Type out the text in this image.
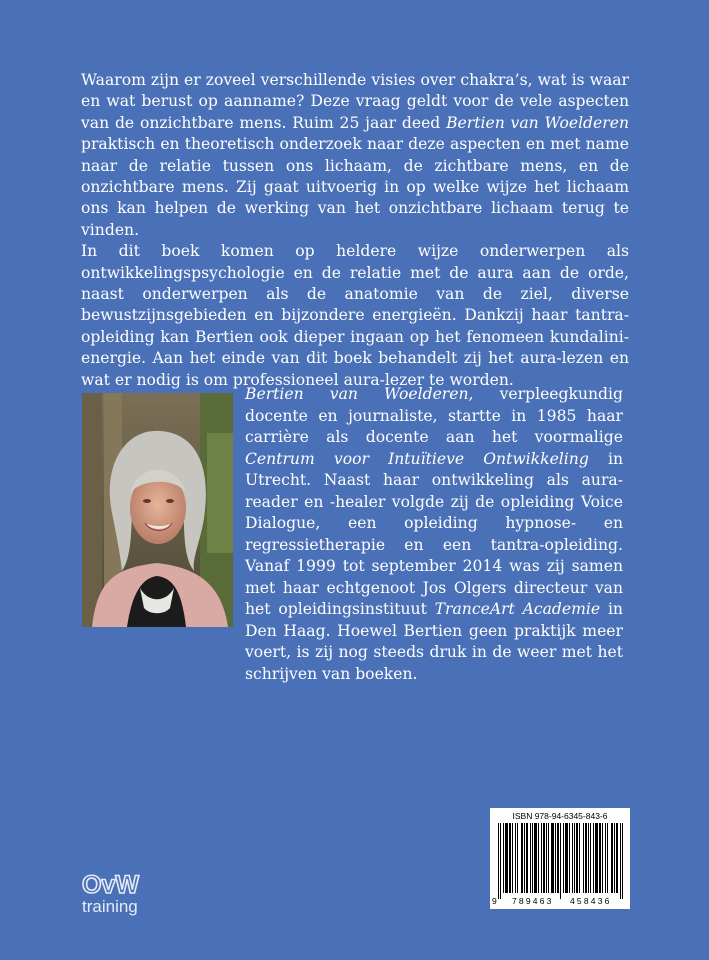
Waarom zijn er zoveel verschillende visies over chakra’s, wat is waar en wat berust op aanname? Deze vraag geldt voor de vele aspecten van de onzichtbare mens. Ruim 25 jaar deed Bertien van Woelderen praktisch en theoretisch onderzoek naar deze aspecten en met name naar de relatie tussen ons lichaam, de zichtbare mens, en de onzichtbare mens. Zij gaat uitvoerig in op welke wijze het lichaam ons kan helpen de werking van het onzichtbare lichaam terug te vinden.

In dit boek komen op heldere wijze onderwerpen als ontwikkelingspsychologie en de relatie met de aura aan de orde, naast onderwerpen als de anatomie van de ziel, diverse bewustzijnsgebieden en bijzondere energieën. Dankzij haar tantra-opleiding kan Bertien ook dieper ingaan op het fenomeen kundalini-energie. Aan het einde van dit boek behandelt zij het aura-lezen en wat er nodig is om professioneel aura-lezer te worden.

Bertien van Woelderen, verpleegkundig docente en journaliste, startte in 1985 haar carrière als docente aan het voormalige Centrum voor Intuïtieve Ontwikkeling in Utrecht. Naast haar ontwikkeling als aura-reader en -healer volgde zij de opleiding Voice Dialogue, een opleiding hypnose- en regressietherapie en een tantra-opleiding. Vanaf 1999 tot september 2014 was zij samen met haar echtgenoot Jos Olgers directeur van het opleidingsinstituut TranceArt Academie in Den Haag. Hoewel Bertien geen praktijk meer voert, is zij nog steeds druk in de weer met het schrijven van boeken.

ISBN 978-94-6345-843-6
9 789463 458436
OvW
training
